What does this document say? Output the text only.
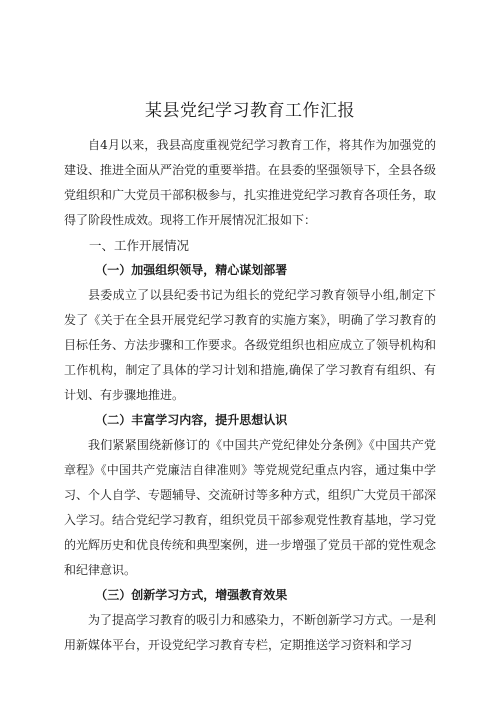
某县党纪学习教育工作汇报

自4月以来，我县高度重视党纪学习教育工作，将其作为加强党的建设、推进全面从严治党的重要举措。在县委的坚强领导下，全县各级党组织和广大党员干部积极参与，扎实推进党纪学习教育各项任务，取得了阶段性成效。现将工作开展情况汇报如下：

一、工作开展情况

（一）加强组织领导，精心谋划部署

县委成立了以县纪委书记为组长的党纪学习教育领导小组,制定下发了《关于在全县开展党纪学习教育的实施方案》，明确了学习教育的目标任务、方法步骤和工作要求。各级党组织也相应成立了领导机构和工作机构，制定了具体的学习计划和措施,确保了学习教育有组织、有计划、有步骤地推进。

（二）丰富学习内容，提升思想认识

我们紧紧围绕新修订的《中国共产党纪律处分条例》《中国共产党章程》《中国共产党廉洁自律准则》等党规党纪重点内容，通过集中学习、个人自学、专题辅导、交流研讨等多种方式，组织广大党员干部深入学习。结合党纪学习教育，组织党员干部参观党性教育基地，学习党的光辉历史和优良传统和典型案例，进一步增强了党员干部的党性观念和纪律意识。

（三）创新学习方式，增强教育效果

为了提高学习教育的吸引力和感染力，不断创新学习方式。一是利用新媒体平台，开设党纪学习教育专栏，定期推送学习资料和学习
